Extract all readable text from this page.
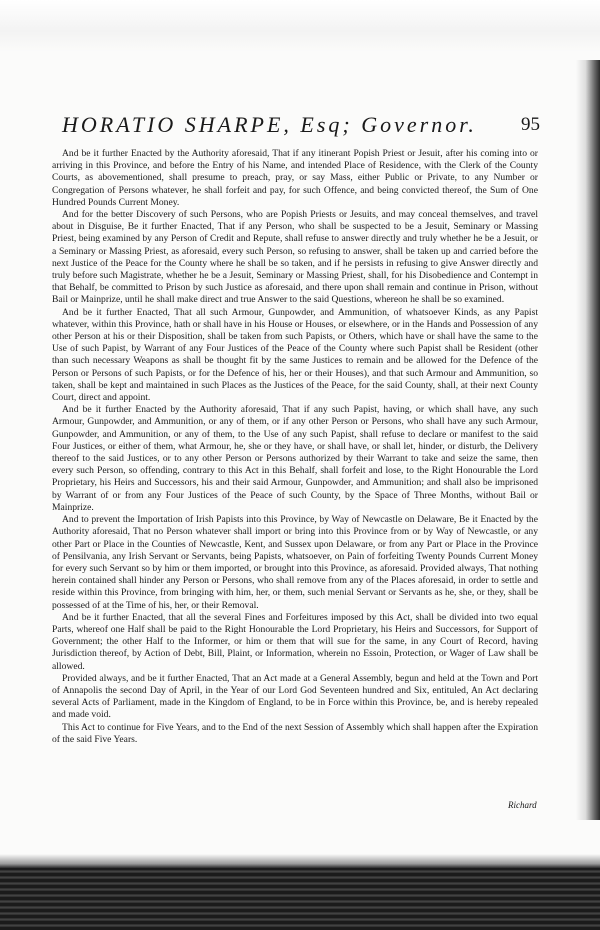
HORATIO SHARPE, Esq; Governor. 95

And be it further Enacted by the Authority aforesaid, That if any itinerant Popish Priest or Jesuit, after his coming into or arriving in this Province, and before the Entry of his Name, and intended Place of Residence, with the Clerk of the County Courts, as abovementioned, shall presume to preach, pray, or say Mass, either Public or Private, to any Number or Congregation of Persons whatever, he shall forfeit and pay, for such Offence, and being convicted thereof, the Sum of One Hundred Pounds Current Money.

And for the better Discovery of such Persons, who are Popish Priests or Jesuits, and may conceal themselves, and travel about in Disguise, Be it further Enacted, That if any Person, who shall be suspected to be a Jesuit, Seminary or Massing Priest, being examined by any Person of Credit and Repute, shall refuse to answer directly and truly whether he be a Jesuit, or a Seminary or Massing Priest, as aforesaid, every such Person, so refusing to answer, shall be taken up and carried before the next Justice of the Peace for the County where he shall be so taken, and if he persists in refusing to give Answer directly and truly before such Magistrate, whether he be a Jesuit, Seminary or Massing Priest, shall, for his Disobedience and Contempt in that Behalf, be committed to Prison by such Justice as aforesaid, and there upon shall remain and continue in Prison, without Bail or Mainprize, until he shall make direct and true Answer to the said Questions, whereon he shall be so examined.

And be it further Enacted, That all such Armour, Gunpowder, and Ammunition, of whatsoever Kinds, as any Papist whatever, within this Province, hath or shall have in his House or Houses, or elsewhere, or in the Hands and Possession of any other Person at his or their Disposition, shall be taken from such Papists, or Others, which have or shall have the same to the Use of such Papist, by Warrant of any Four Justices of the Peace of the County where such Papist shall be Resident (other than such necessary Weapons as shall be thought fit by the same Justices to remain and be allowed for the Defence of the Person or Persons of such Papists, or for the Defence of his, her or their Houses), and that such Armour and Ammunition, so taken, shall be kept and maintained in such Places as the Justices of the Peace, for the said County, shall, at their next County Court, direct and appoint.

And be it further Enacted by the Authority aforesaid, That if any such Papist, having, or which shall have, any such Armour, Gunpowder, and Ammunition, or any of them, or if any other Person or Persons, who shall have any such Armour, Gunpowder, and Ammunition, or any of them, to the Use of any such Papist, shall refuse to declare or manifest to the said Four Justices, or either of them, what Armour, he, she or they have, or shall have, or shall let, hinder, or disturb, the Delivery thereof to the said Justices, or to any other Person or Persons authorized by their Warrant to take and seize the same, then every such Person, so offending, contrary to this Act in this Behalf, shall forfeit and lose, to the Right Honourable the Lord Proprietary, his Heirs and Successors, his and their said Armour, Gunpowder, and Ammunition; and shall also be imprisoned by Warrant of or from any Four Justices of the Peace of such County, by the Space of Three Months, without Bail or Mainprize.

And to prevent the Importation of Irish Papists into this Province, by Way of Newcastle on Delaware, Be it Enacted by the Authority aforesaid, That no Person whatever shall import or bring into this Province from or by Way of Newcastle, or any other Part or Place in the Counties of Newcastle, Kent, and Sussex upon Delaware, or from any Part or Place in the Province of Pensilvania, any Irish Servant or Servants, being Papists, whatsoever, on Pain of forfeiting Twenty Pounds Current Money for every such Servant so by him or them imported, or brought into this Province, as aforesaid. Provided always, That nothing herein contained shall hinder any Person or Persons, who shall remove from any of the Places aforesaid, in order to settle and reside within this Province, from bringing with him, her, or them, such menial Servant or Servants as he, she, or they, shall be possessed of at the Time of his, her, or their Removal.

And be it further Enacted, that all the several Fines and Forfeitures imposed by this Act, shall be divided into two equal Parts, whereof one Half shall be paid to the Right Honourable the Lord Proprietary, his Heirs and Successors, for Support of Government; the other Half to the Informer, or him or them that will sue for the same, in any Court of Record, having Jurisdiction thereof, by Action of Debt, Bill, Plaint, or Information, wherein no Essoin, Protection, or Wager of Law shall be allowed.

Provided always, and be it further Enacted, That an Act made at a General Assembly, begun and held at the Town and Port of Annapolis the second Day of April, in the Year of our Lord God Seventeen hundred and Six, entituled, An Act declaring several Acts of Parliament, made in the Kingdom of England, to be in Force within this Province, be, and is hereby repealed and made void.

This Act to continue for Five Years, and to the End of the next Session of Assembly which shall happen after the Expiration of the said Five Years.

Richard
